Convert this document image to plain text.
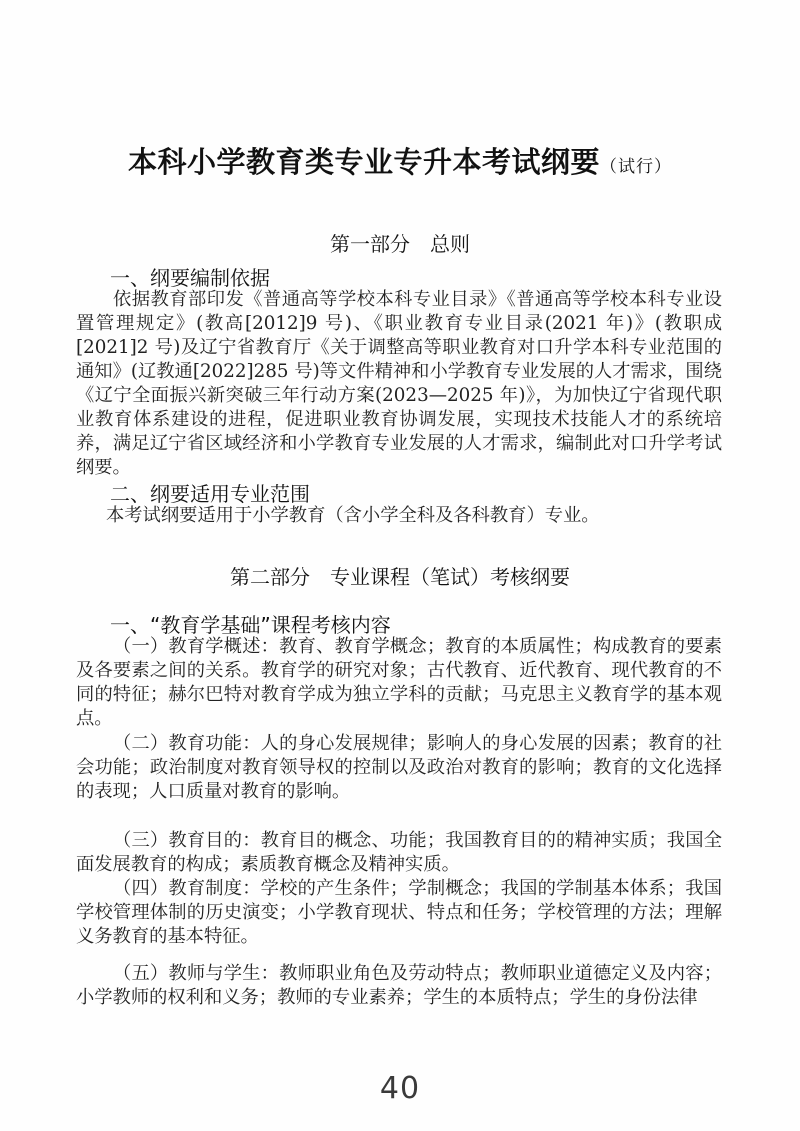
本科小学教育类专业专升本考试纲要（试行）
第一部分　总则
一、纲要编制依据

依据教育部印发《普通高等学校本科专业目录》《普通高等学校本科专业设置管理规定》(教高[2012]9 号)、《职业教育专业目录(2021 年)》(教职成[2021]2 号)及辽宁省教育厅《关于调整高等职业教育对口升学本科专业范围的通知》(辽教通[2022]285 号)等文件精神和小学教育专业发展的人才需求，围绕《辽宁全面振兴新突破三年行动方案(2023—2025 年)》，为加快辽宁省现代职业教育体系建设的进程，促进职业教育协调发展，实现技术技能人才的系统培养，满足辽宁省区域经济和小学教育专业发展的人才需求，编制此对口升学考试纲要。

二、纲要适用专业范围

本考试纲要适用于小学教育（含小学全科及各科教育）专业。

第二部分　专业课程（笔试）考核纲要
一、“教育学基础”课程考核内容

（一）教育学概述：教育、教育学概念；教育的本质属性；构成教育的要素及各要素之间的关系。教育学的研究对象；古代教育、近代教育、现代教育的不同的特征；赫尔巴特对教育学成为独立学科的贡献；马克思主义教育学的基本观点。

（二）教育功能：人的身心发展规律；影响人的身心发展的因素；教育的社会功能；政治制度对教育领导权的控制以及政治对教育的影响；教育的文化选择的表现；人口质量对教育的影响。

（三）教育目的：教育目的概念、功能；我国教育目的的精神实质；我国全面发展教育的构成；素质教育概念及精神实质。

（四）教育制度：学校的产生条件；学制概念；我国的学制基本体系；我国学校管理体制的历史演变；小学教育现状、特点和任务；学校管理的方法；理解义务教育的基本特征。

（五）教师与学生：教师职业角色及劳动特点；教师职业道德定义及内容；小学教师的权利和义务；教师的专业素养；学生的本质特点；学生的身份法律

40
